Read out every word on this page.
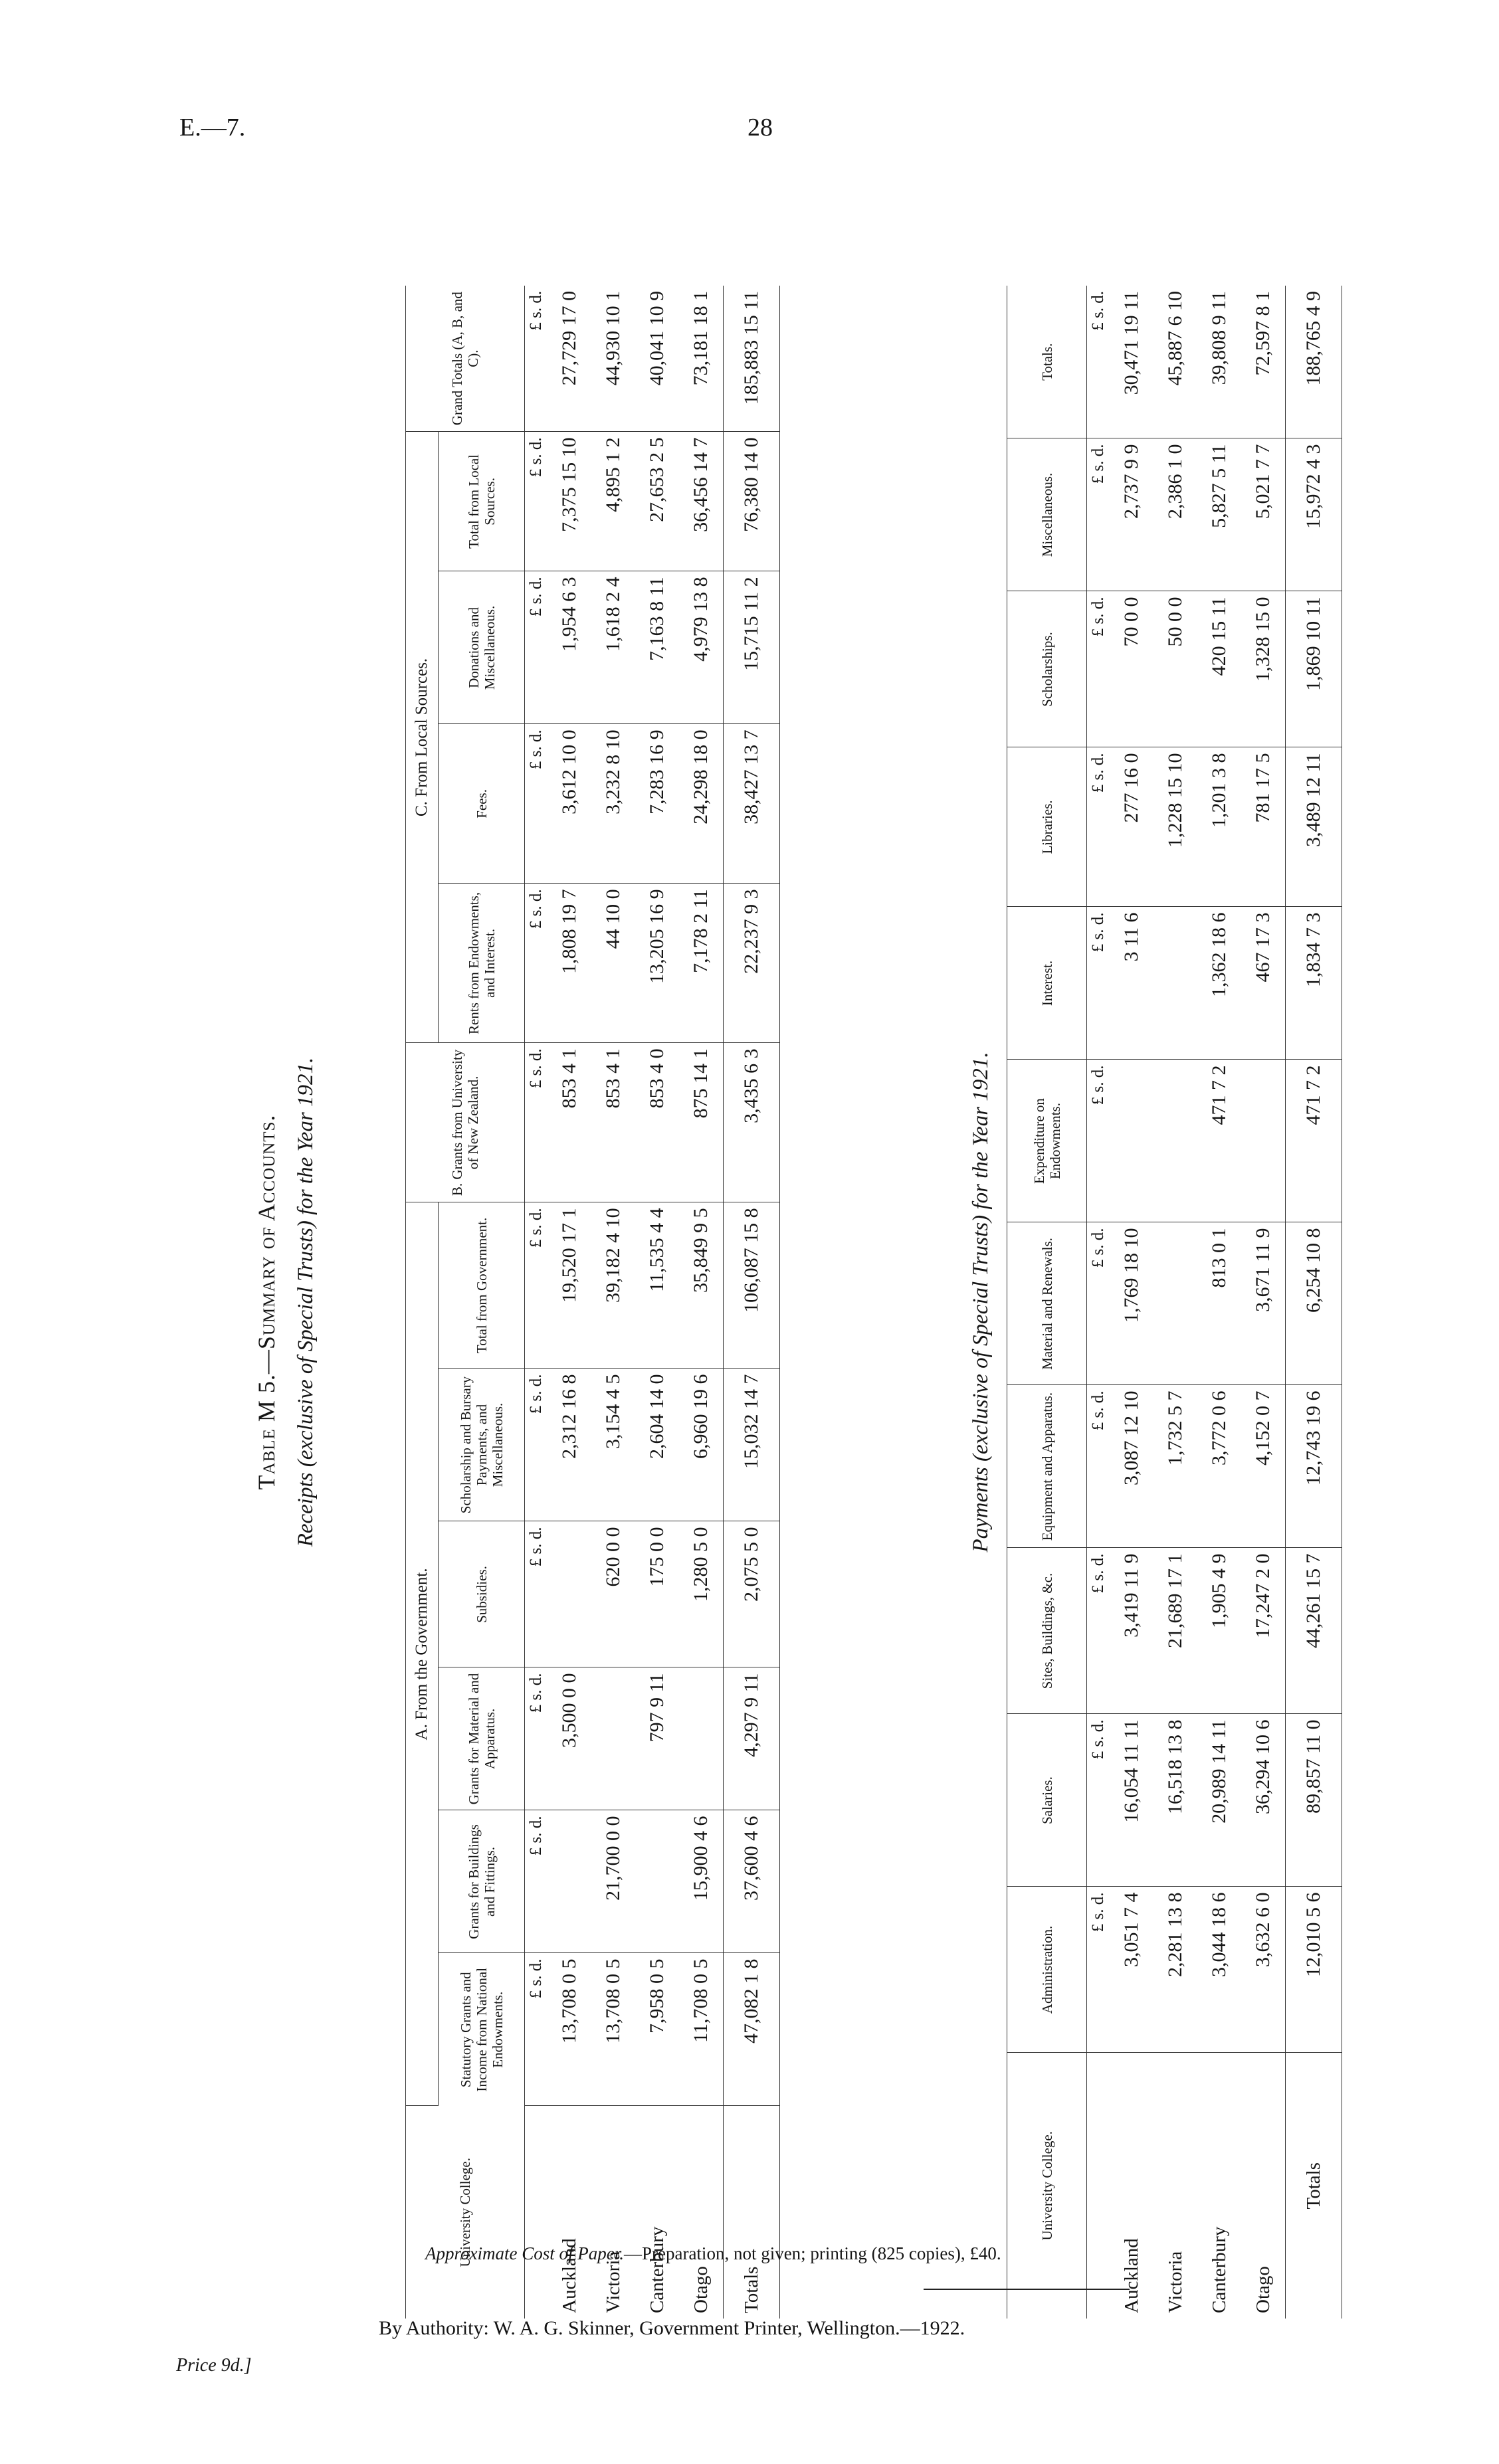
E.—7.	28
Table M 5.—Summary of Accounts. Receipts (exclusive of Special Trusts) for the Year 1921.
University College.	A. From the Government.						B. Grants from University of New Zealand.	C. From Local Sources.				Grand Totals (A, B, and C).
	Statutory Grants and Income from National Endowments.	Grants for Buildings and Fittings.	Grants for Material and Apparatus.	Subsidies.	Scholarship and Bursary Payments, and Miscellaneous.	Total from Government.		Rents from Endowments, and Interest.	Fees.	Donations and Miscellaneous.	Total from Local Sources.	
	£ s. d.	£ s. d.	£ s. d.	£ s. d.	£ s. d.	£ s. d.	£ s. d.	£ s. d.	£ s. d.	£ s. d.	£ s. d.	£ s. d.
Auckland	13,708 0 5		3,500 0 0		2,312 16 8	19,520 17 1	853 4 1	1,808 19 7	3,612 10 0	1,954 6 3	7,375 15 10	27,729 17 0
Victoria	13,708 0 5	21,700 0 0		620 0 0	3,154 4 5	39,182 4 10	853 4 1	44 10 0	3,232 8 10	1,618 2 4	4,895 1 2	44,930 10 1
Canterbury	7,958 0 5		797 9 11	175 0 0	2,604 14 0	11,535 4 4	853 4 0	13,205 16 9	7,283 16 9	7,163 8 11	27,653 2 5	40,041 10 9
Otago	11,708 0 5	15,900 4 6		1,280 5 0	6,960 19 6	35,849 9 5	875 14 1	7,178 2 11	24,298 18 0	4,979 13 8	36,456 14 7	73,181 18 1
Totals	47,082 1 8	37,600 4 6	4,297 9 11	2,075 5 0	15,032 14 7	106,087 15 8	3,435 6 3	22,237 9 3	38,427 13 7	15,715 11 2	76,380 14 0	185,883 15 11
Payments (exclusive of Special Trusts) for the Year 1921.
University College.	Administration.	Salaries.	Sites, Buildings, &c.	Equipment and Apparatus.	Material and Renewals.	Expenditure on Endowments.	Interest.	Libraries.	Scholarships.	Miscellaneous.	Totals.
	£ s. d.	£ s. d.	£ s. d.	£ s. d.	£ s. d.	£ s. d.	£ s. d.	£ s. d.	£ s. d.	£ s. d.	£ s. d.
Auckland	3,051 7 4	16,054 11 11	3,419 11 9	3,087 12 10	1,769 18 10		3 11 6	277 16 0	70 0 0	2,737 9 9	30,471 19 11
Victoria	2,281 13 8	16,518 13 8	21,689 17 1	1,732 5 7				1,228 15 10	50 0 0	2,386 1 0	45,887 6 10
Canterbury	3,044 18 6	20,989 14 11	1,905 4 9	3,772 0 6	813 0 1	471 7 2	1,362 18 6	1,201 3 8	420 15 11	5,827 5 11	39,808 9 11
Otago	3,632 6 0	36,294 10 6	17,247 2 0	4,152 0 7	3,671 11 9		467 17 3	781 17 5	1,328 15 0	5,021 7 7	72,597 8 1
Totals	12,010 5 6	89,857 11 0	44,261 15 7	12,743 19 6	6,254 10 8	471 7 2	1,834 7 3	3,489 12 11	1,869 10 11	15,972 4 3	188,765 4 9
Approximate Cost of Paper.—Preparation, not given; printing (825 copies), £40.
By Authority: W. A. G. Skinner, Government Printer, Wellington.—1922.
Price 9d.]
